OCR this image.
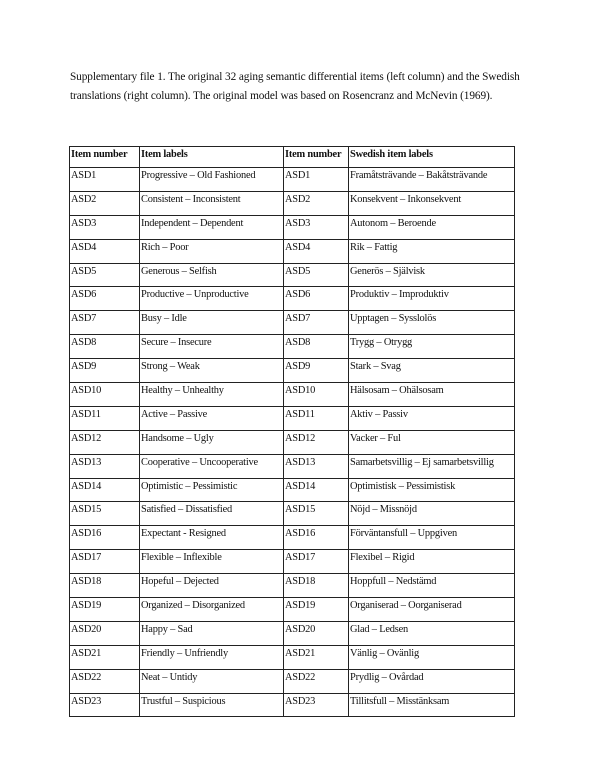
Supplementary file 1. The original 32 aging semantic differential items (left column) and the Swedish translations (right column). The original model was based on Rosencranz and McNevin (1969).
Item number	Item labels	Item number	Swedish item labels
ASD1	Progressive – Old Fashioned	ASD1	Framåtsträvande – Bakåtsträvande
ASD2	Consistent – Inconsistent	ASD2	Konsekvent – Inkonsekvent
ASD3	Independent – Dependent	ASD3	Autonom – Beroende
ASD4	Rich – Poor	ASD4	Rik – Fattig
ASD5	Generous – Selfish	ASD5	Generös – Självisk
ASD6	Productive – Unproductive	ASD6	Produktiv – Improduktiv
ASD7	Busy – Idle	ASD7	Upptagen – Sysslolös
ASD8	Secure – Insecure	ASD8	Trygg – Otrygg
ASD9	Strong – Weak	ASD9	Stark – Svag
ASD10	Healthy – Unhealthy	ASD10	Hälsosam – Ohälsosam
ASD11	Active – Passive	ASD11	Aktiv – Passiv
ASD12	Handsome – Ugly	ASD12	Vacker – Ful
ASD13	Cooperative – Uncooperative	ASD13	Samarbetsvillig – Ej samarbetsvillig
ASD14	Optimistic – Pessimistic	ASD14	Optimistisk – Pessimistisk
ASD15	Satisfied – Dissatisfied	ASD15	Nöjd – Missnöjd
ASD16	Expectant - Resigned	ASD16	Förväntansfull – Uppgiven
ASD17	Flexible – Inflexible	ASD17	Flexibel – Rigid
ASD18	Hopeful – Dejected	ASD18	Hoppfull – Nedstämd
ASD19	Organized – Disorganized	ASD19	Organiserad – Oorganiserad
ASD20	Happy – Sad	ASD20	Glad – Ledsen
ASD21	Friendly – Unfriendly	ASD21	Vänlig – Ovänlig
ASD22	Neat – Untidy	ASD22	Prydlig – Ovårdad
ASD23	Trustful – Suspicious	ASD23	Tillitsfull – Misstänksam
